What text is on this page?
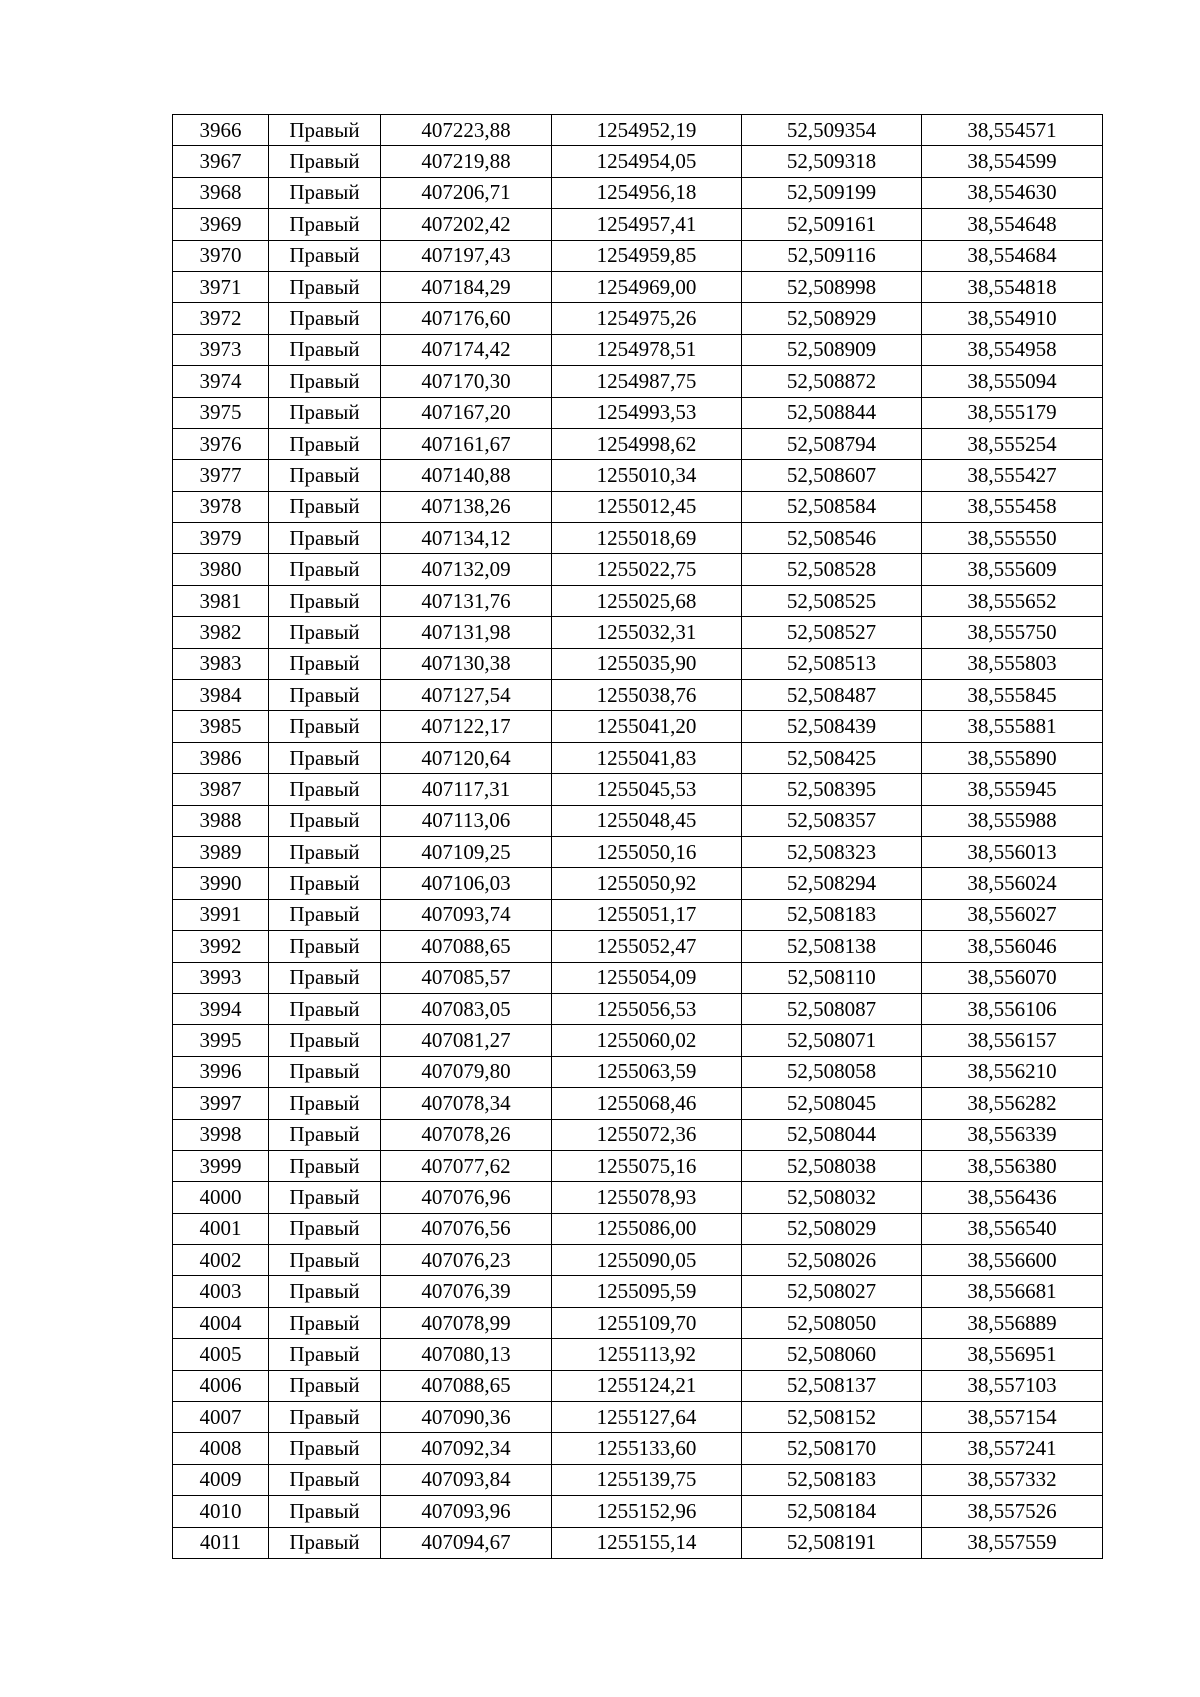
3966	Правый	407223,88	1254952,19	52,509354	38,554571
3967	Правый	407219,88	1254954,05	52,509318	38,554599
3968	Правый	407206,71	1254956,18	52,509199	38,554630
3969	Правый	407202,42	1254957,41	52,509161	38,554648
3970	Правый	407197,43	1254959,85	52,509116	38,554684
3971	Правый	407184,29	1254969,00	52,508998	38,554818
3972	Правый	407176,60	1254975,26	52,508929	38,554910
3973	Правый	407174,42	1254978,51	52,508909	38,554958
3974	Правый	407170,30	1254987,75	52,508872	38,555094
3975	Правый	407167,20	1254993,53	52,508844	38,555179
3976	Правый	407161,67	1254998,62	52,508794	38,555254
3977	Правый	407140,88	1255010,34	52,508607	38,555427
3978	Правый	407138,26	1255012,45	52,508584	38,555458
3979	Правый	407134,12	1255018,69	52,508546	38,555550
3980	Правый	407132,09	1255022,75	52,508528	38,555609
3981	Правый	407131,76	1255025,68	52,508525	38,555652
3982	Правый	407131,98	1255032,31	52,508527	38,555750
3983	Правый	407130,38	1255035,90	52,508513	38,555803
3984	Правый	407127,54	1255038,76	52,508487	38,555845
3985	Правый	407122,17	1255041,20	52,508439	38,555881
3986	Правый	407120,64	1255041,83	52,508425	38,555890
3987	Правый	407117,31	1255045,53	52,508395	38,555945
3988	Правый	407113,06	1255048,45	52,508357	38,555988
3989	Правый	407109,25	1255050,16	52,508323	38,556013
3990	Правый	407106,03	1255050,92	52,508294	38,556024
3991	Правый	407093,74	1255051,17	52,508183	38,556027
3992	Правый	407088,65	1255052,47	52,508138	38,556046
3993	Правый	407085,57	1255054,09	52,508110	38,556070
3994	Правый	407083,05	1255056,53	52,508087	38,556106
3995	Правый	407081,27	1255060,02	52,508071	38,556157
3996	Правый	407079,80	1255063,59	52,508058	38,556210
3997	Правый	407078,34	1255068,46	52,508045	38,556282
3998	Правый	407078,26	1255072,36	52,508044	38,556339
3999	Правый	407077,62	1255075,16	52,508038	38,556380
4000	Правый	407076,96	1255078,93	52,508032	38,556436
4001	Правый	407076,56	1255086,00	52,508029	38,556540
4002	Правый	407076,23	1255090,05	52,508026	38,556600
4003	Правый	407076,39	1255095,59	52,508027	38,556681
4004	Правый	407078,99	1255109,70	52,508050	38,556889
4005	Правый	407080,13	1255113,92	52,508060	38,556951
4006	Правый	407088,65	1255124,21	52,508137	38,557103
4007	Правый	407090,36	1255127,64	52,508152	38,557154
4008	Правый	407092,34	1255133,60	52,508170	38,557241
4009	Правый	407093,84	1255139,75	52,508183	38,557332
4010	Правый	407093,96	1255152,96	52,508184	38,557526
4011	Правый	407094,67	1255155,14	52,508191	38,557559
